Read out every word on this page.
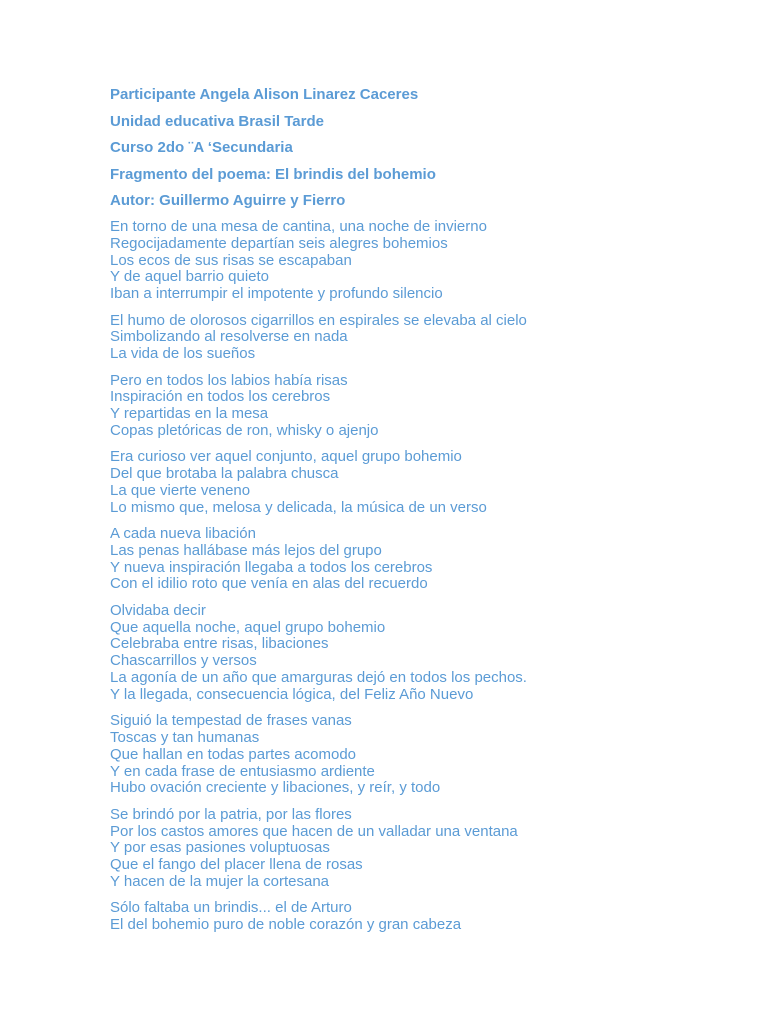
Participante Angela Alison Linarez Caceres
Unidad educativa Brasil Tarde
Curso 2do ¨A ‘Secundaria
Fragmento del poema: El brindis del bohemio
Autor: Guillermo Aguirre y Fierro
En torno de una mesa de cantina, una noche de invierno
Regocijadamente departían seis alegres bohemios
Los ecos de sus risas se escapaban
Y de aquel barrio quieto
Iban a interrumpir el impotente y profundo silencio
El humo de olorosos cigarrillos en espirales se elevaba al cielo
Simbolizando al resolverse en nada
La vida de los sueños
Pero en todos los labios había risas
Inspiración en todos los cerebros
Y repartidas en la mesa
Copas pletóricas de ron, whisky o ajenjo
Era curioso ver aquel conjunto, aquel grupo bohemio
Del que brotaba la palabra chusca
La que vierte veneno
Lo mismo que, melosa y delicada, la música de un verso
A cada nueva libación
Las penas hallábase más lejos del grupo
Y nueva inspiración llegaba a todos los cerebros
Con el idilio roto que venía en alas del recuerdo
Olvidaba decir
Que aquella noche, aquel grupo bohemio
Celebraba entre risas, libaciones
Chascarrillos y versos
La agonía de un año que amarguras dejó en todos los pechos.
Y la llegada, consecuencia lógica, del Feliz Año Nuevo
Siguió la tempestad de frases vanas
Toscas y tan humanas
Que hallan en todas partes acomodo
Y en cada frase de entusiasmo ardiente
Hubo ovación creciente y libaciones, y reír, y todo
Se brindó por la patria, por las flores
Por los castos amores que hacen de un valladar una ventana
Y por esas pasiones voluptuosas
Que el fango del placer llena de rosas
Y hacen de la mujer la cortesana
Sólo faltaba un brindis... el de Arturo
El del bohemio puro de noble corazón y gran cabeza
